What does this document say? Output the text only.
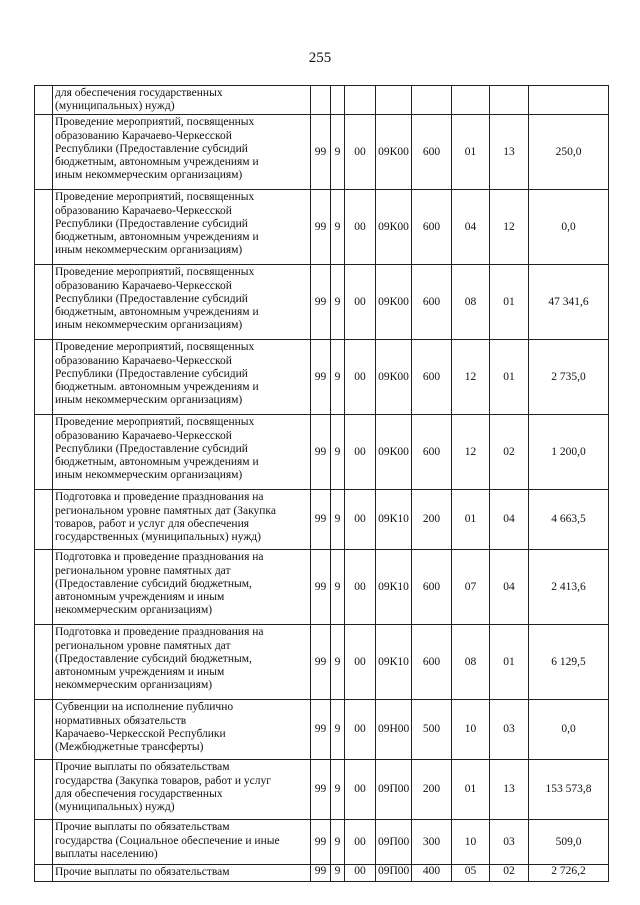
255
	для обеспечения государственных
(муниципальных) нужд)								
	Проведение мероприятий, посвященных
образованию Карачаево-Черкесской
Республики (Предоставление субсидий
бюджетным, автономным учреждениям и
иным некоммерческим организациям)	99	9	00	09К00	600	01	13	250,0
	Проведение мероприятий, посвященных
образованию Карачаево-Черкесской
Республики (Предоставление субсидий
бюджетным, автономным учреждениям и
иным некоммерческим организациям)	99	9	00	09К00	600	04	12	0,0
	Проведение мероприятий, посвященных
образованию Карачаево-Черкесской
Республики (Предоставление субсидий
бюджетным, автономным учреждениям и
иным некоммерческим организациям)	99	9	00	09К00	600	08	01	47 341,6
	Проведение мероприятий, посвященных
образованию Карачаево-Черкесской
Республики (Предоставление субсидий
бюджетным. автономным учреждениям и
иным некоммерческим организациям)	99	9	00	09К00	600	12	01	2 735,0
	Проведение мероприятий, посвященных
образованию Карачаево-Черкесской
Республики (Предоставление субсидий
бюджетным, автономным учреждениям и
иным некоммерческим организациям)	99	9	00	09К00	600	12	02	1 200,0
	Подготовка и проведение празднования на
региональном уровне памятных дат (Закупка
товаров, работ и услуг для обеспечения
государственных (муниципальных) нужд)	99	9	00	09К10	200	01	04	4 663,5
	Подготовка и проведение празднования на
региональном уровне памятных дат
(Предоставление субсидий бюджетным,
автономным учреждениям и иным
некоммерческим организациям)	99	9	00	09К10	600	07	04	2 413,6
	Подготовка и проведение празднования на
региональном уровне памятных дат
(Предоставление субсидий бюджетным,
автономным учреждениям и иным
некоммерческим организациям)	99	9	00	09К10	600	08	01	6 129,5
	Субвенции на исполнение публично
нормативных обязательств
Карачаево-Черкесской Республики
(Межбюджетные трансферты)	99	9	00	09Н00	500	10	03	0,0
	Прочие выплаты по обязательствам
государства (Закупка товаров, работ и услуг
для обеспечения государственных
(муниципальных) нужд)	99	9	00	09П00	200	01	13	153 573,8
	Прочие выплаты по обязательствам
государства (Социальное обеспечение и иные
выплаты населению)	99	9	00	09П00	300	10	03	509,0
	Прочие выплаты по обязательствам	99	9	00	09П00	400	05	02	2 726,2
